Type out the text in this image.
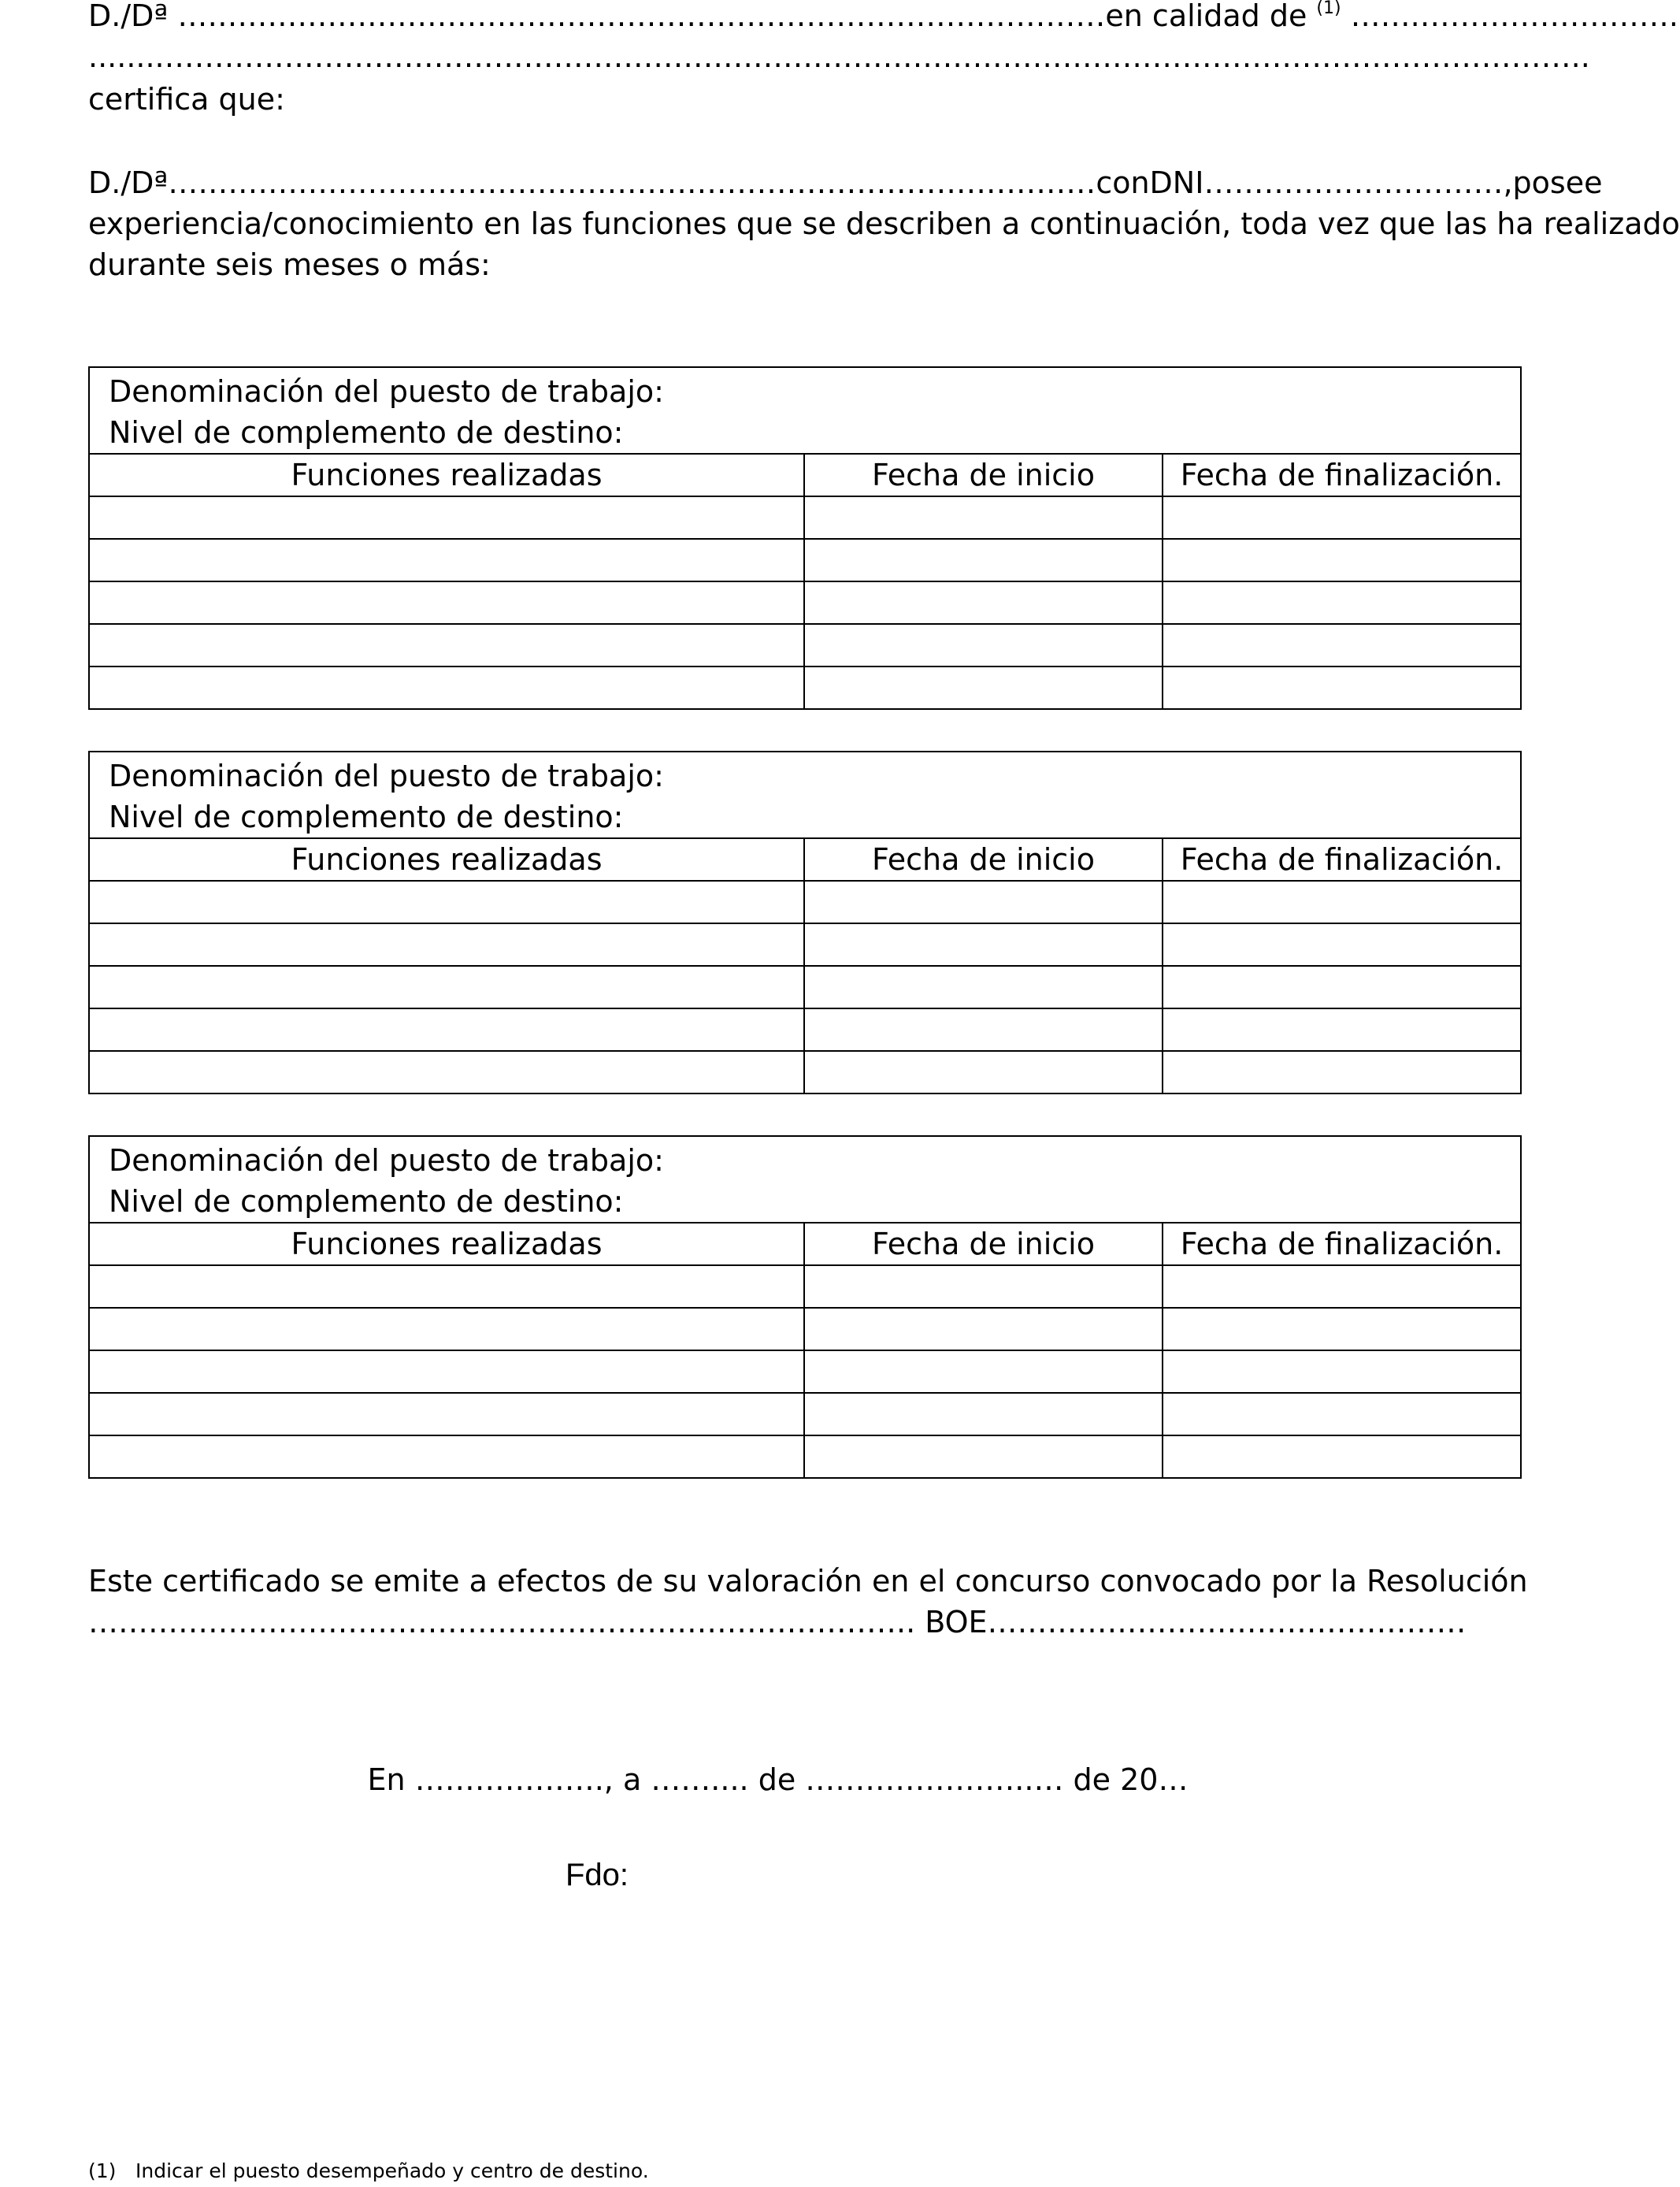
D./Dª …………………………………………………………………………………en calidad de $^{(1)}$ …….……………….…….
........……………………………………………………………………………………………………………………………..
certifica que:
D./Dª………………………………………………………………………………… con DNI …………………………, posee
experiencia/conocimiento en las funciones que se describen a continuación, toda vez que las ha realizado
durante seis meses o más:
Denominación del puesto de trabajo:
Nivel de complemento de destino:		

Funciones realizadas	Fecha de inicio	Fecha de finalización.

Denominación del puesto de trabajo:
Nivel de complemento de destino:		

Funciones realizadas	Fecha de inicio	Fecha de finalización.

Denominación del puesto de trabajo:
Nivel de complemento de destino:		

Funciones realizadas	Fecha de inicio	Fecha de finalización.

Este certificado se emite a efectos de su valoración en el concurso convocado por la Resolución
……………………………………………………………………….. BOE…………………………………………
En ………………., a …….... de …………………..… de 20…
Fdo:
(1) Indicar el puesto desempeñado y centro de destino.
